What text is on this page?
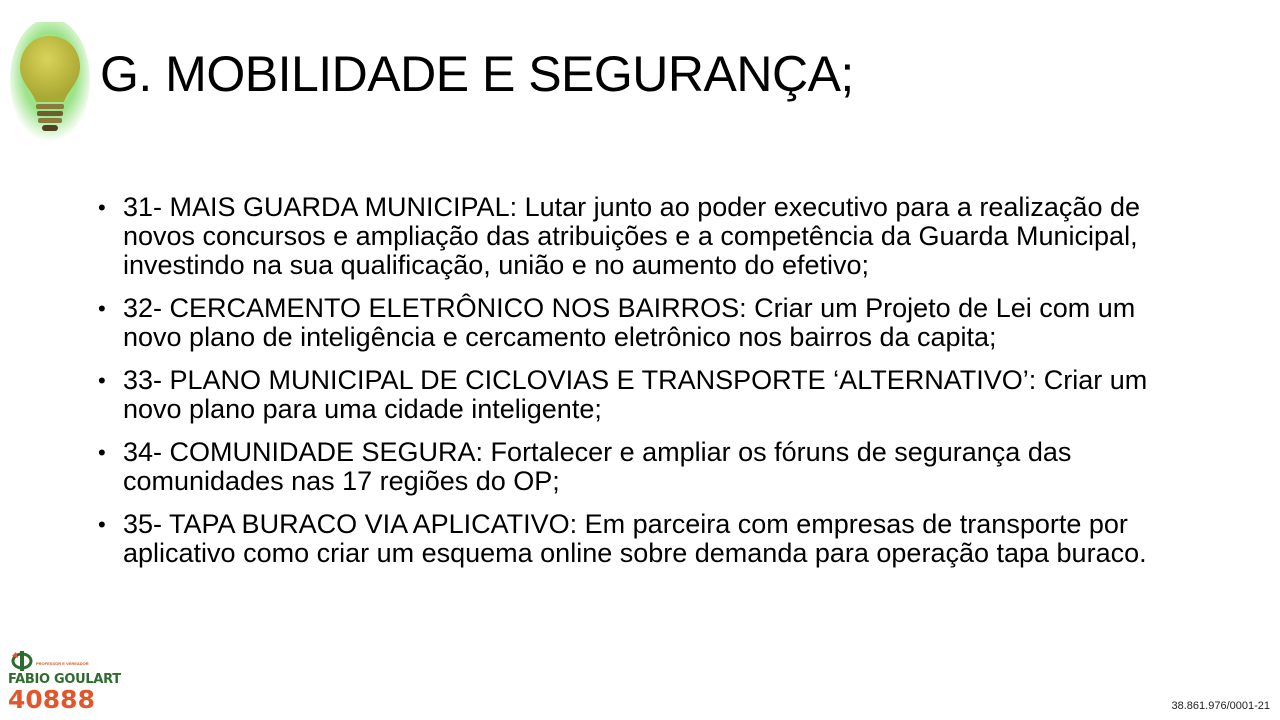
G. MOBILIDADE E SEGURANÇA;
• 31- MAIS GUARDA MUNICIPAL: Lutar junto ao poder executivo para a realização de novos concursos e ampliação das atribuições e a competência da Guarda Municipal, investindo na sua qualificação, união e no aumento do efetivo;
• 32- CERCAMENTO ELETRÔNICO NOS BAIRROS: Criar um Projeto de Lei com um novo plano de inteligência e cercamento eletrônico nos bairros da capita;
• 33- PLANO MUNICIPAL DE CICLOVIAS E TRANSPORTE ‘ALTERNATIVO’: Criar um novo plano para uma cidade inteligente;
• 34- COMUNIDADE SEGURA: Fortalecer e ampliar os fóruns de segurança das comunidades nas 17 regiões do OP;
• 35- TAPA BURACO VIA APLICATIVO: Em parceira com empresas de transporte por aplicativo como criar um esquema online sobre demanda para operação tapa buraco.
PROFESSOR E VEREADOR
FABIO GOULART
40888	38.861.976/0001-21
